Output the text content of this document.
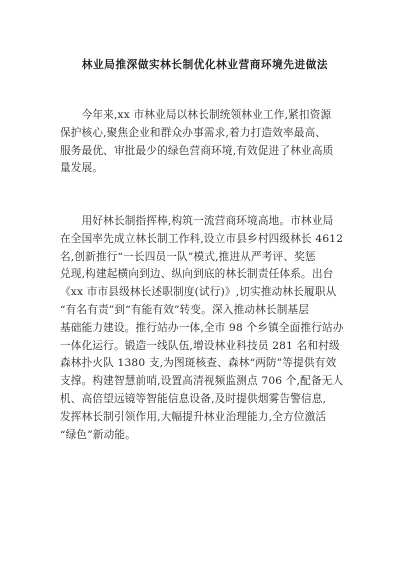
林业局推深做实林长制优化林业营商环境先进做法
　　今年来,xx 市林业局以林长制统领林业工作,紧扣资源
保护核心,聚焦企业和群众办事需求,着力打造效率最高、
服务最优、审批最少的绿色营商环境,有效促进了林业高质
量发展。
　　用好林长制指挥棒,构筑一流营商环境高地。市林业局
在全国率先成立林长制工作科,设立市县乡村四级林长 4612
名,创新推行“一长四员一队”模式,推进从严考评、奖惩
兑现,构建起横向到边、纵向到底的林长制责任体系。出台
《xx 市市县级林长述职制度(试行)》,切实推动林长履职从
“有名有责”到“有能有效”转变。深入推动林长制基层
基础能力建设。推行站办一体,全市 98 个乡镇全面推行站办
一体化运行。锻造一线队伍,增设林业科技员 281 名和村级
森林扑火队 1380 支,为图斑核查、森林“两防”等提供有效
支撑。构建智慧前哨,设置高清视频监测点 706 个,配备无人
机、高倍望远镜等智能信息设备,及时提供烟雾告警信息,
发挥林长制引领作用,大幅提升林业治理能力,全方位激活
“绿色”新动能。
